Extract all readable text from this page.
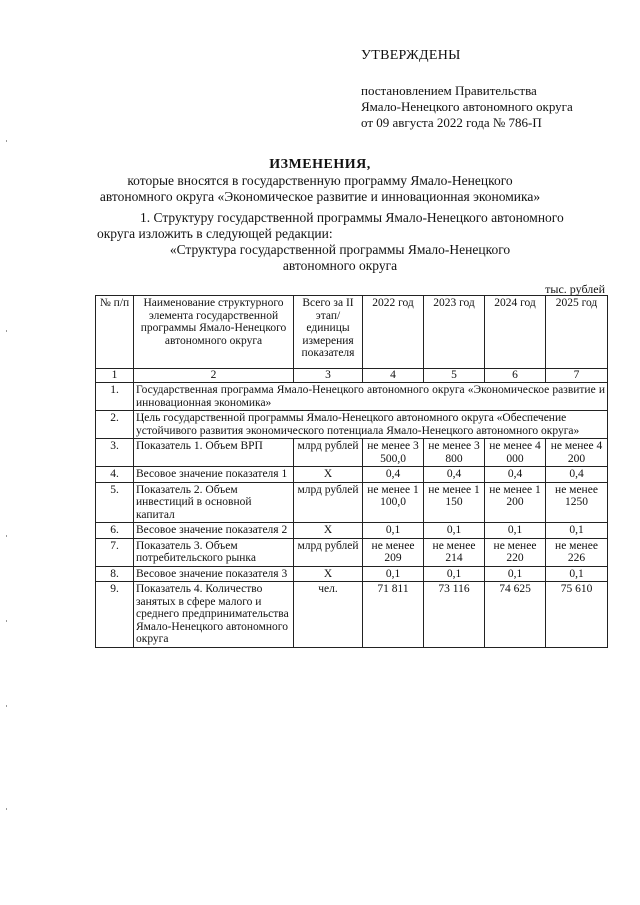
УТВЕРЖДЕНЫ
постановлением Правительства
Ямало-Ненецкого автономного округа
от 09 августа 2022 года № 786-П
ИЗМЕНЕНИЯ,
которые вносятся в государственную программу Ямало-Ненецкого
автономного округа «Экономическое развитие и инновационная экономика»
1. Структуру государственной программы Ямало-Ненецкого автономного
округа изложить в следующей редакции:
«Структура государственной программы Ямало-Ненецкого
автономного округа
тыс. рублей
№ п/п	Наименование структурного элемента государственной программы Ямало-Ненецкого автономного округа	Всего за II этап/ единицы измерения показателя	2022 год	2023 год	2024 год	2025 год
1	2	3	4	5	6	7
1.	Государственная программа Ямало-Ненецкого автономного округа «Экономическое развитие и инновационная экономика»					
2.	Цель государственной программы Ямало-Ненецкого автономного округа «Обеспечение устойчивого развития экономического потенциала Ямало-Ненецкого автономного округа»					
3.	Показатель 1. Объем ВРП	млрд рублей	не менее 3 500,0	не менее 3 800	не менее 4 000	не менее 4 200
4.	Весовое значение показателя 1	X	0,4	0,4	0,4	0,4
5.	Показатель 2. Объем инвестиций в основной капитал	млрд рублей	не менее 1 100,0	не менее 1 150	не менее 1 200	не менее 1250
6.	Весовое значение показателя 2	X	0,1	0,1	0,1	0,1
7.	Показатель 3. Объем потребительского рынка	млрд рублей	не менее 209	не менее 214	не менее 220	не менее 226
8.	Весовое значение показателя 3	X	0,1	0,1	0,1	0,1
9.	Показатель 4. Количество занятых в сфере малого и среднего предпринимательства Ямало-Ненецкого автономного округа	чел.	71 811	73 116	74 625	75 610
